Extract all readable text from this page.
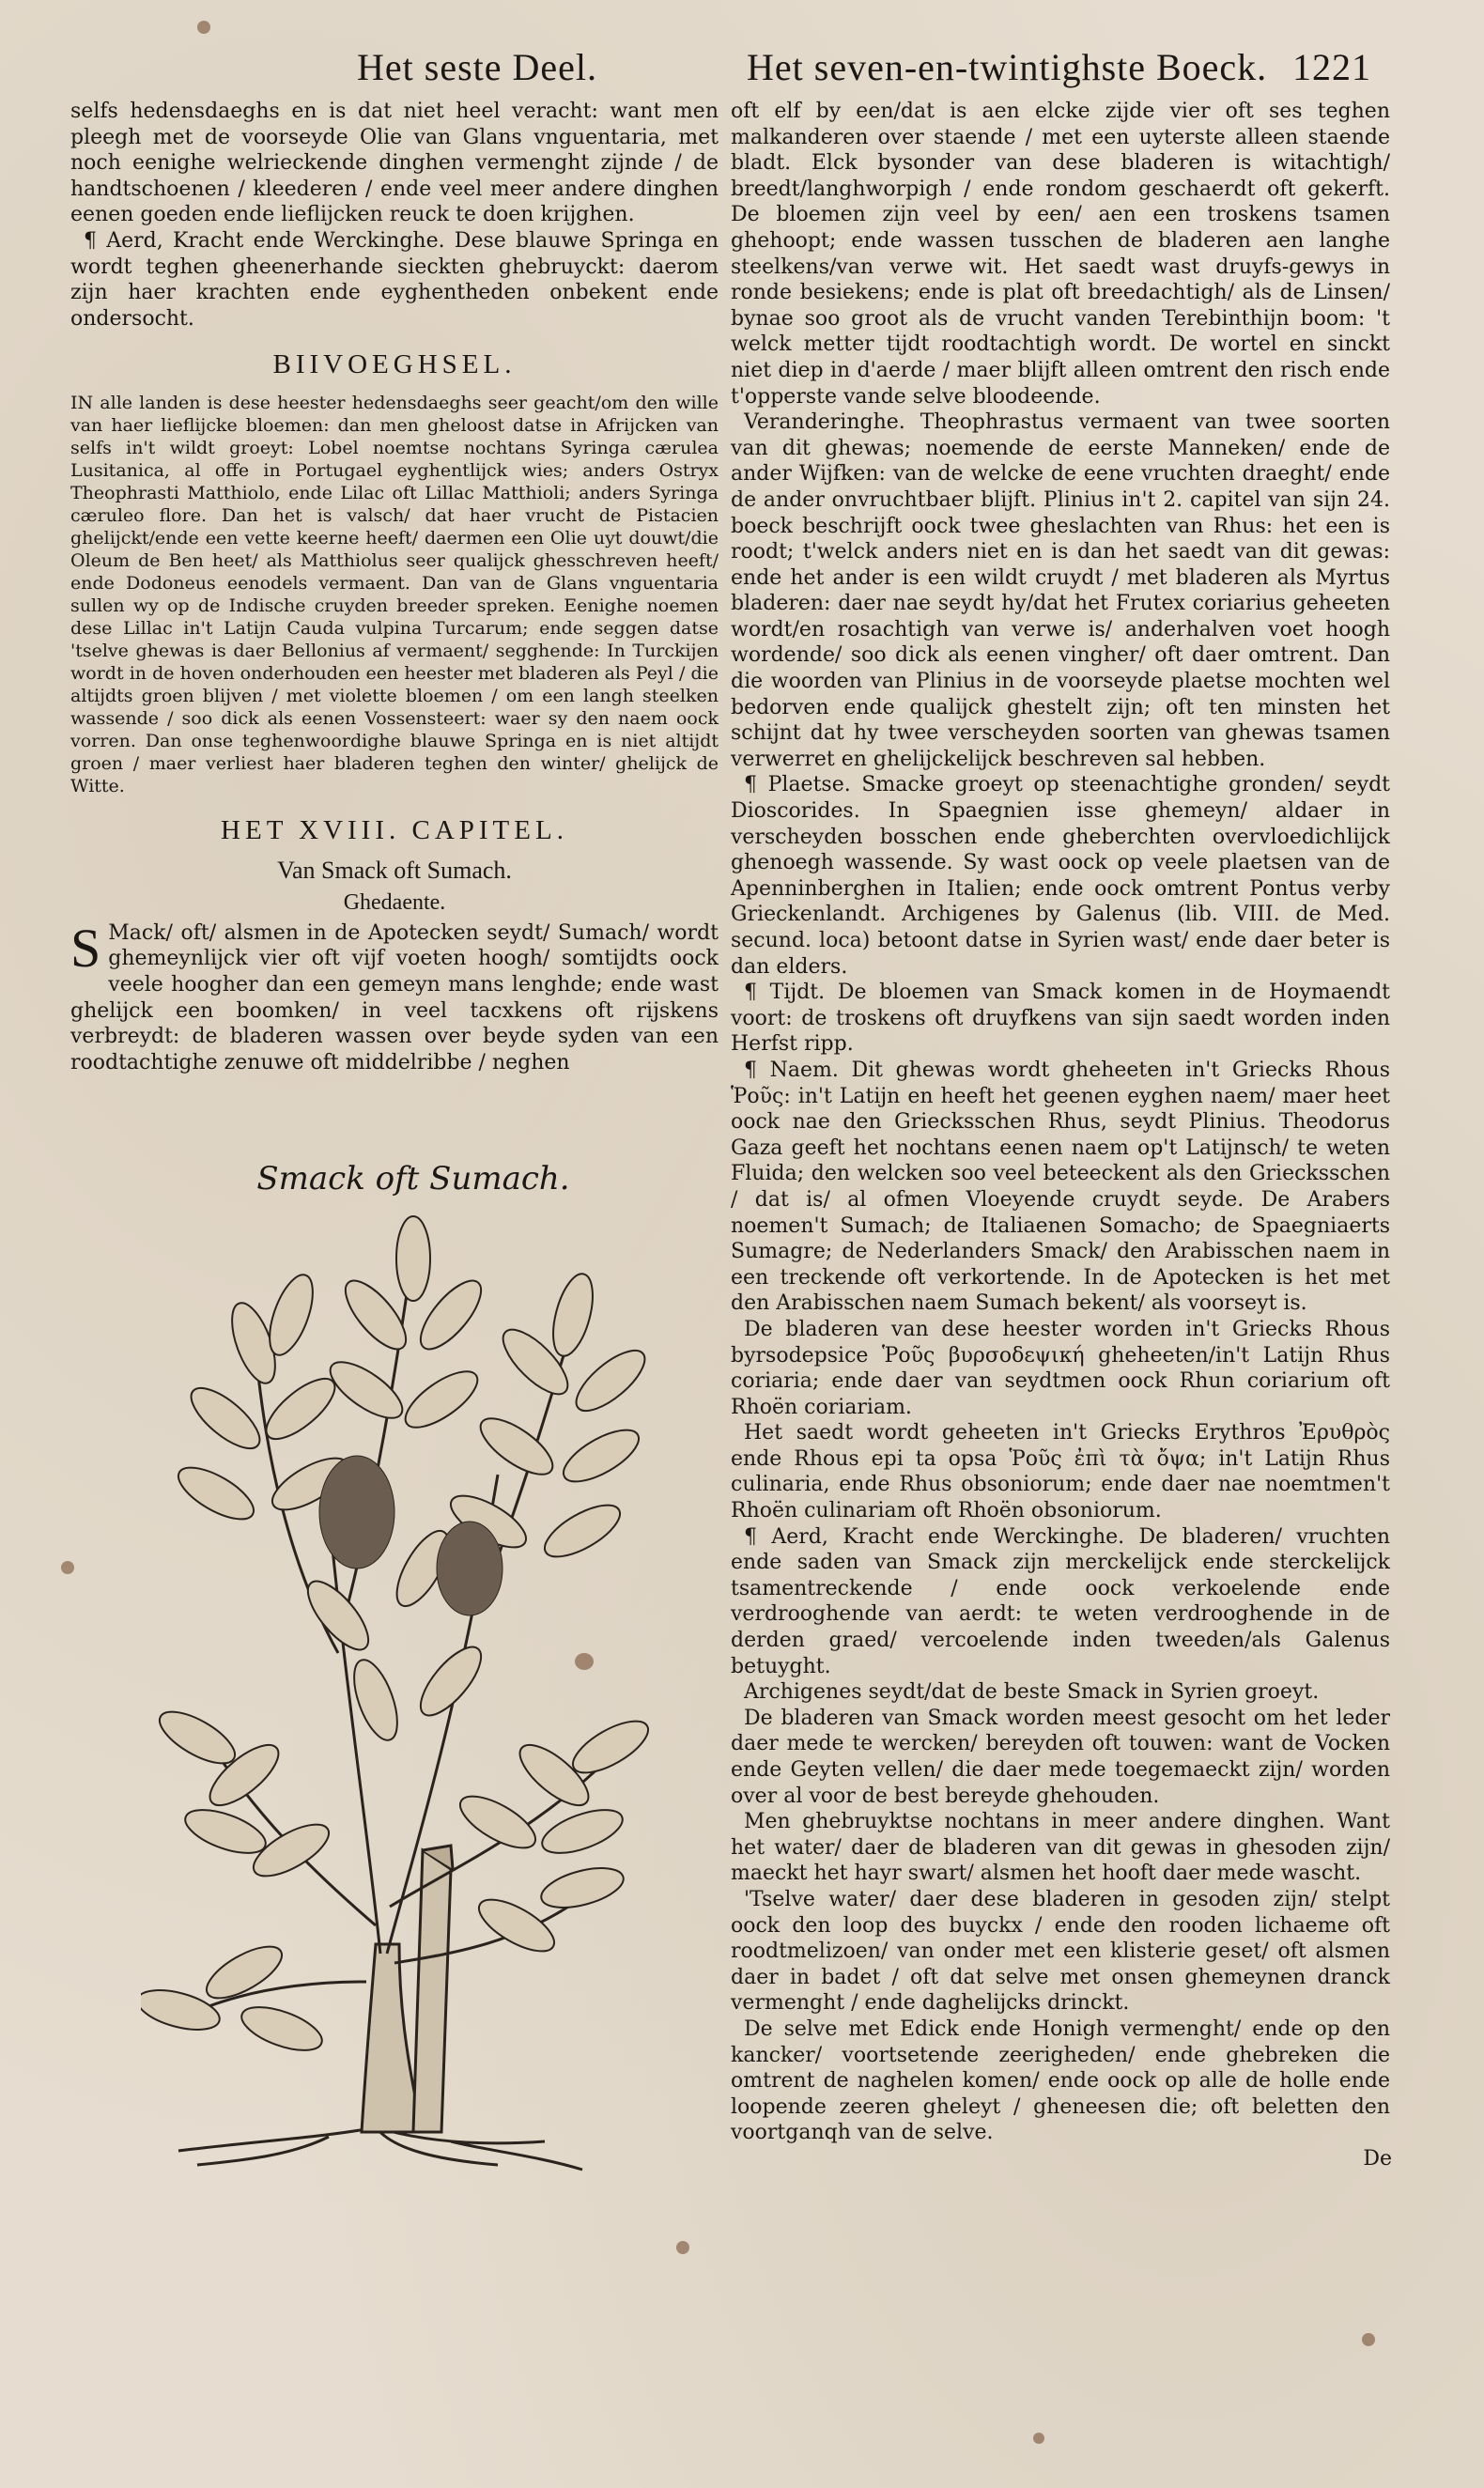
Het seste Deel.	Het seven-en-twintighste Boeck. 1221

selfs hedensdaeghs en is dat niet heel veracht: want men pleegh met de voorseyde Olie van Glans vnguentaria, met noch eenighe welrieckende dinghen vermenght zijnde / de handtschoenen / kleederen / ende veel meer andere dinghen eenen goeden ende lieflijcken reuck te doen krijghen.

¶ Aerd, Kracht ende Werckinghe. Dese blauwe Springa en wordt teghen gheenerhande sieckten ghebruyckt: daerom zijn haer krachten ende eyghentheden onbekent ende ondersocht.

BIIVOEGHSEL.

IN alle landen is dese heester hedensdaeghs seer geacht/om den wille van haer lieflijcke bloemen: dan men gheloost datse in Afrijcken van selfs in't wildt groeyt: Lobel noemtse nochtans Syringa cærulea Lusitanica, al offe in Portugael eyghentlijck wies; anders Ostryx Theophrasti Matthiolo, ende Lilac oft Lillac Matthioli; anders Syringa cæruleo flore. Dan het is valsch/ dat haer vrucht de Pistacien ghelijckt/ende een vette keerne heeft/ daermen een Olie uyt douwt/die Oleum de Ben heet/ als Matthiolus seer qualijck ghesschreven heeft/ ende Dodoneus eenodels vermaent. Dan van de Glans vnguentaria sullen wy op de Indische cruyden breeder spreken. Eenighe noemen dese Lillac in't Latijn Cauda vulpina Turcarum; ende seggen datse 'tselve ghewas is daer Bellonius af vermaent/ segghende: In Turckijen wordt in de hoven onderhouden een heester met bladeren als Peyl / die altijdts groen blijven / met violette bloemen / om een langh steelken wassende / soo dick als eenen Vossensteert: waer sy den naem oock vorren. Dan onse teghenwoordighe blauwe Springa en is niet altijdt groen / maer verliest haer bladeren teghen den winter/ ghelijck de Witte.

HET XVIII. CAPITEL.

Van Smack oft Sumach.

Ghedaente.

S Mack/ oft/ alsmen in de Apotecken seydt/ Sumach/ wordt ghemeynlijck vier oft vijf voeten hoogh/ somtijdts oock veele hoogher dan een gemeyn mans lenghde; ende wast ghelijck een boomken/ in veel tacxkens oft rijskens verbreydt: de bladeren wassen over beyde syden van een roodtachtighe zenuwe oft middelribbe / neghen

Smack oft Sumach.

oft elf by een/dat is aen elcke zijde vier oft ses teghen malkanderen over staende / met een uyterste alleen staende bladt. Elck bysonder van dese bladeren is witachtigh/ breedt/langhworpigh / ende rondom geschaerdt oft gekerft. De bloemen zijn veel by een/ aen een troskens tsamen ghehoopt; ende wassen tusschen de bladeren aen langhe steelkens/van verwe wit. Het saedt wast druyfs-gewys in ronde besiekens; ende is plat oft breedachtigh/ als de Linsen/ bynae soo groot als de vrucht vanden Terebinthijn boom: 't welck metter tijdt roodtachtigh wordt. De wortel en sinckt niet diep in d'aerde / maer blijft alleen omtrent den risch ende t'opperste vande selve bloodeende.

Veranderinghe. Theophrastus vermaent van twee soorten van dit ghewas; noemende de eerste Manneken/ ende de ander Wijfken: van de welcke de eene vruchten draeght/ ende de ander onvruchtbaer blijft. Plinius in't 2. capitel van sijn 24. boeck beschrijft oock twee gheslachten van Rhus: het een is roodt; t'welck anders niet en is dan het saedt van dit gewas: ende het ander is een wildt cruydt / met bladeren als Myrtus bladeren: daer nae seydt hy/dat het Frutex coriarius geheeten wordt/en rosachtigh van verwe is/ anderhalven voet hoogh wordende/ soo dick als eenen vingher/ oft daer omtrent. Dan die woorden van Plinius in de voorseyde plaetse mochten wel bedorven ende qualijck ghestelt zijn; oft ten minsten het schijnt dat hy twee verscheyden soorten van ghewas tsamen verwerret en ghelijckelijck beschreven sal hebben.

¶ Plaetse. Smacke groeyt op steenachtighe gronden/ seydt Dioscorides. In Spaegnien isse ghemeyn/ aldaer in verscheyden bosschen ende gheberchten overvloedichlijck ghenoegh wassende. Sy wast oock op veele plaetsen van de Apenninberghen in Italien; ende oock omtrent Pontus verby Grieckenlandt. Archigenes by Galenus (lib. VIII. de Med. secund. loca) betoont datse in Syrien wast/ ende daer beter is dan elders.

¶ Tijdt. De bloemen van Smack komen in de Hoymaendt voort: de troskens oft druyfkens van sijn saedt worden inden Herfst ripp.

¶ Naem. Dit ghewas wordt gheheeten in't Griecks Rhous Ῥοῦς: in't Latijn en heeft het geenen eyghen naem/ maer heet oock nae den Griecksschen Rhus, seydt Plinius. Theodorus Gaza geeft het nochtans eenen naem op't Latijnsch/ te weten Fluida; den welcken soo veel beteeckent als den Griecksschen / dat is/ al ofmen Vloeyende cruydt seyde. De Arabers noemen't Sumach; de Italiaenen Somacho; de Spaegniaerts Sumagre; de Nederlanders Smack/ den Arabisschen naem in een treckende oft verkortende. In de Apotecken is het met den Arabisschen naem Sumach bekent/ als voorseyt is.

De bladeren van dese heester worden in't Griecks Rhous byrsodepsice Ῥοῦς βυρσοδεψική gheheeten/in't Latijn Rhus coriaria; ende daer van seydtmen oock Rhun coriarium oft Rhoën coriariam.

Het saedt wordt geheeten in't Griecks Erythros Ἐρυθρὸς ende Rhous epi ta opsa Ῥοῦς ἐπὶ τὰ ὄψα; in't Latijn Rhus culinaria, ende Rhus obsoniorum; ende daer nae noemtmen't Rhoën culinariam oft Rhoën obsoniorum.

¶ Aerd, Kracht ende Werckinghe. De bladeren/ vruchten ende saden van Smack zijn merckelijck ende sterckelijck tsamentreckende / ende oock verkoelende ende verdrooghende van aerdt: te weten verdrooghende in de derden graed/ vercoelende inden tweeden/als Galenus betuyght.

Archigenes seydt/dat de beste Smack in Syrien groeyt.

De bladeren van Smack worden meest gesocht om het leder daer mede te wercken/ bereyden oft touwen: want de Vocken ende Geyten vellen/ die daer mede toegemaeckt zijn/ worden over al voor de best bereyde ghehouden.

Men ghebruyktse nochtans in meer andere dinghen. Want het water/ daer de bladeren van dit gewas in ghesoden zijn/ maeckt het hayr swart/ alsmen het hooft daer mede wascht.

'Tselve water/ daer dese bladeren in gesoden zijn/ stelpt oock den loop des buyckx / ende den rooden lichaeme oft roodtmelizoen/ van onder met een klisterie geset/ oft alsmen daer in badet / oft dat selve met onsen ghemeynen dranck vermenght / ende daghelijcks drinckt.

De selve met Edick ende Honigh vermenght/ ende op den kancker/ voortsetende zeerigheden/ ende ghebreken die omtrent de naghelen komen/ ende oock op alle de holle ende loopende zeeren gheleyt / gheneesen die; oft beletten den voortganqh van de selve.

De
